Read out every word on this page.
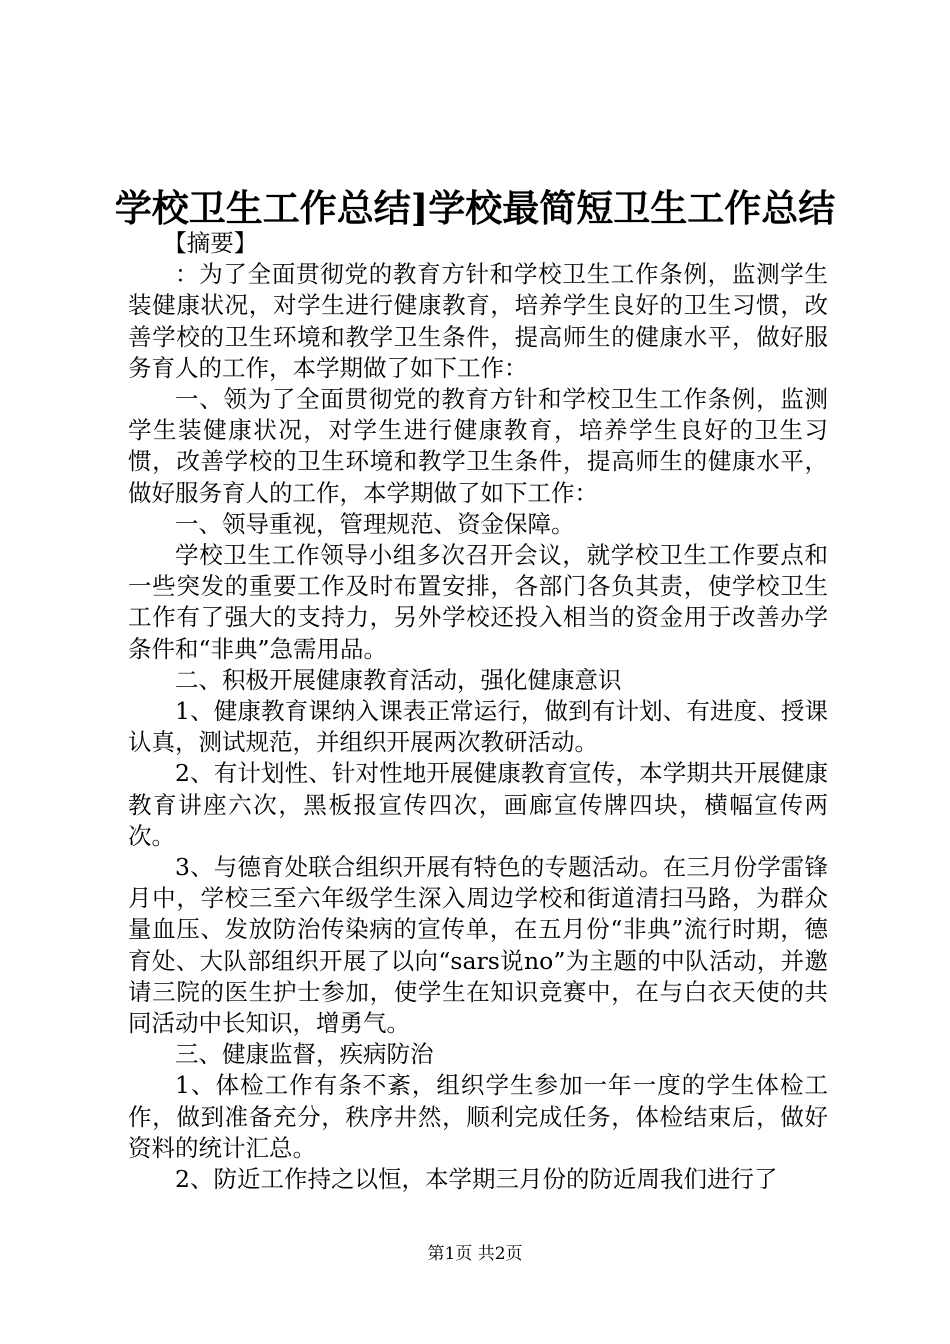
学校卫生工作总结]学校最简短卫生工作总结

【摘要】

：为了全面贯彻党的教育方针和学校卫生工作条例，监测学生装健康状况，对学生进行健康教育，培养学生良好的卫生习惯，改善学校的卫生环境和教学卫生条件，提高师生的健康水平，做好服务育人的工作，本学期做了如下工作：

一、领为了全面贯彻党的教育方针和学校卫生工作条例，监测学生装健康状况，对学生进行健康教育，培养学生良好的卫生习惯，改善学校的卫生环境和教学卫生条件，提高师生的健康水平，做好服务育人的工作，本学期做了如下工作：

一、领导重视，管理规范、资金保障。

学校卫生工作领导小组多次召开会议，就学校卫生工作要点和一些突发的重要工作及时布置安排，各部门各负其责，使学校卫生工作有了强大的支持力，另外学校还投入相当的资金用于改善办学条件和“非典”急需用品。

二、积极开展健康教育活动，强化健康意识

1、健康教育课纳入课表正常运行，做到有计划、有进度、授课认真，测试规范，并组织开展两次教研活动。

2、有计划性、针对性地开展健康教育宣传，本学期共开展健康教育讲座六次，黑板报宣传四次，画廊宣传牌四块，横幅宣传两次。

3、与德育处联合组织开展有特色的专题活动。在三月份学雷锋月中，学校三至六年级学生深入周边学校和街道清扫马路，为群众量血压、发放防治传染病的宣传单，在五月份“非典”流行时期，德育处、大队部组织开展了以向“sars说no”为主题的中队活动，并邀请三院的医生护士参加，使学生在知识竞赛中，在与白衣天使的共同活动中长知识，增勇气。

三、健康监督，疾病防治

1、体检工作有条不紊，组织学生参加一年一度的学生体检工作，做到准备充分，秩序井然，顺利完成任务，体检结束后，做好资料的统计汇总。

2、防近工作持之以恒，本学期三月份的防近周我们进行了

第1页 共2页
